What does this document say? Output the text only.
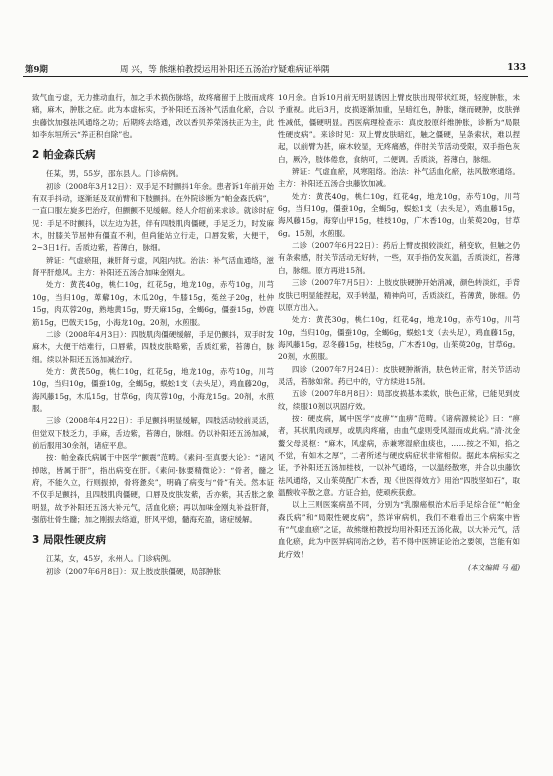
第9期	周 兴，等 熊继柏教授运用补阳还五汤治疗疑难病证举隅	133

致气血亏虚，无力推动血行，加之手术损伤脉络，故疼痛留于上肢而成疼痛，麻木，肿胀之症。此为本虚标实，予补阳还五汤补气活血化瘀，合以虫藤饮加强祛风通络之功；后期疼去络通，改以香贝养荣汤扶正为主，此如李东垣所云“养正积自除”也。

2 帕金森氏病

任某，男，55岁，邵东县人。门诊病例。

初诊（2008年3月12日）：双手足不时颤抖1年余。患者诉1年前开始有双手抖动，逐渐延及双前臂和下肢颤抖。在外院诊断为“帕金森氏病”，一直口服左旋多巴治疗，但颤颤不见缓解。经人介绍前来求诊。就诊时症见：手足不时颤抖，以左边为甚，伴有四肢肌肉僵硬，手足乏力，时发麻木，肘膝关节屈伸有僵直不利，但尚能站立行走，口唇发紫，大便干，2~3日1行。舌质边紫，苔薄白，脉细。

辨证：气虚瘀阻，兼肝肾亏虚，风阻内扰。治法：补气活血通络，滋肾平肝熄风。主方：补阳还五汤合加味金刚丸。

处方：黄芪40g，桃仁10g，红花5g，地龙10g，赤芍10g，川芎10g，当归10g，萆薢10g，木瓜20g，牛膝15g，菟丝子20g，杜仲15g，肉苁蓉20g，熟地黄15g，野天麻15g，全蝎6g，僵蚕15g，炒鹿筋15g，巴戟天15g，小海龙10g。20剂，水煎服。

二诊（2008年4月3日）：四肢肌肉僵硬缓解，手足仍颤抖，双手时发麻木，大便干结难行，口唇紫，四肢皮肤略紫，舌质红紫，苔薄白，脉细。续以补阳还五汤加减治疗。

处方：黄芪50g，桃仁10g，红花5g，地龙10g，赤芍10g，川芎10g，当归10g，僵蚕10g，全蝎5g，蜈蚣1支（去头足），鸡血藤20g，海风藤15g，木瓜15g，甘草6g，肉苁蓉10g，小海龙15g。20剂，水煎服。

三诊（2008年4月22日）：手足颤抖明显缓解，四肢活动较前灵活，但觉双下肢乏力，手麻，舌边紫，苔薄白，脉细。仍以补阳还五汤加减，前后服用30余剂，诸症平息。

按：帕金森氏病属于中医学“颤震”范畴。《素问·至真要大论》：“诸风掉眩，皆属于肝”，指出病变在肝。《素问·脉要精微论》：“骨者，髓之府，不能久立，行则振掉，骨将惫矣”，明确了病变与“骨”有关。然本证不仅手足颤抖，且四肢肌肉僵硬，口唇及皮肤发紫，舌亦紫，其舌胀之象明显，故予补阳还五汤大补元气，活血化瘀；再以加味金刚丸补益肝肾，强筋壮骨生髓；加之刚振去络道，肝风平熄，髓海充盈，诸症缓解。

3 局限性硬皮病

江某，女，45岁，永州人。门诊病例。

初诊（2007年6月8日）：双上肢皮肤僵硬，局部肿胀

10月余。自诉10月前无明显诱因上臂皮肤出现带状红斑，轻度肿胀，未予重视。此后3月，皮损逐渐加重，呈暗红色，肿胀，继而硬肿，皮肤弹性减低，僵硬明显。西医病理检查示：真皮胶原纤维肿胀，诊断为“局限性硬皮病”。来诊时见：双上臂皮肤暗红，触之僵硬，呈条索状，难以捏起，以前臂为甚，麻木较显，无疼痛感，伴肘关节活动受限，双手指色灰白，厥冷，肢体倦怠，食纳可，二便调。舌质淡，苔薄白，脉细。

辨证：气虚血瘀，风寒阻络。治法：补气活血化瘀，祛风散寒通络。主方：补阳还五汤合虫藤饮加减。

处方：黄芪40g，桃仁10g，红花4g，地龙10g，赤芍10g，川芎6g，当归10g，僵蚕10g，全蝎5g，蜈蚣1支（去头足），鸡血藤15g，海风藤15g，海穿山甲15g，桂枝10g，广木香10g，山茱萸20g，甘草6g。15剂，水煎服。

二诊（2007年6月22日）：药后上臂皮损较淡红，稍变软，但触之仍有条索感，肘关节活动无好转，一些，双手指仍发灰温，舌质淡红，苔薄白，脉细。原方再进15剂。

三诊（2007年7月5日）：上肢皮肤硬肿开始消减，颜色转淡红，手背皮肤已明显能捏起，双手转温，精神尚可，舌质淡红，苔薄黄，脉细。仍以原方出入。

处方：黄芪30g，桃仁10g，红花4g，地龙10g，赤芍10g，川芎10g，当归10g，僵蚕10g，全蝎6g，蜈蚣1支（去头足），鸡血藤15g，海风藤15g，忍冬藤15g，桂枝5g，广木香10g，山茱萸20g，甘草6g。20剂，水煎服。

四诊（2007年7月24日）：皮肤硬肿渐消，肤色转正常，肘关节活动灵活，苔脉如常。药已中的，守方续进15剂。

五诊（2007年8月8日）：局部皮损基本柔软，肤色正常，已能见到皮纹，续服10剂以巩固疗效。

按：硬皮病，属中医学“皮痹”“血痹”范畴。《诸病源候论》曰：“痹者，其状肌肉顽厚，或肌肉疼痛，由血气虚则受风湿而成此病。”清·沈金鳌父母灵枢：“麻木，风虚病，赤兼寒湿瘀血痰也，……按之不知，掐之不觉，有如木之厚”，二者所述与硬皮病症状非常相似。据此本病标实之证，予补阳还五汤加桂枝，一以补气通络，一以温经散寒，并合以虫藤饮祛风通络，又山茱萸配广木香，现《世医得效方》用治“四肢坚如石”，取温酸收辛散之意。方证合拍，使顽疾获愈。

以上三则医案病虽不同，分别为“乳腺癌根治术后手足综合征”“帕金森氏病”和“局限性硬皮病”，然详审病机，我们不难看出三个病案中皆有“气虚血瘀”之证，故熊继柏教授均用补阳还五汤化裁，以大补元气，活血化瘀，此为中医异病同治之妙，若不得中医辨证论治之要领，岂能有如此疗效！

(本文编辑 马 蕴)
